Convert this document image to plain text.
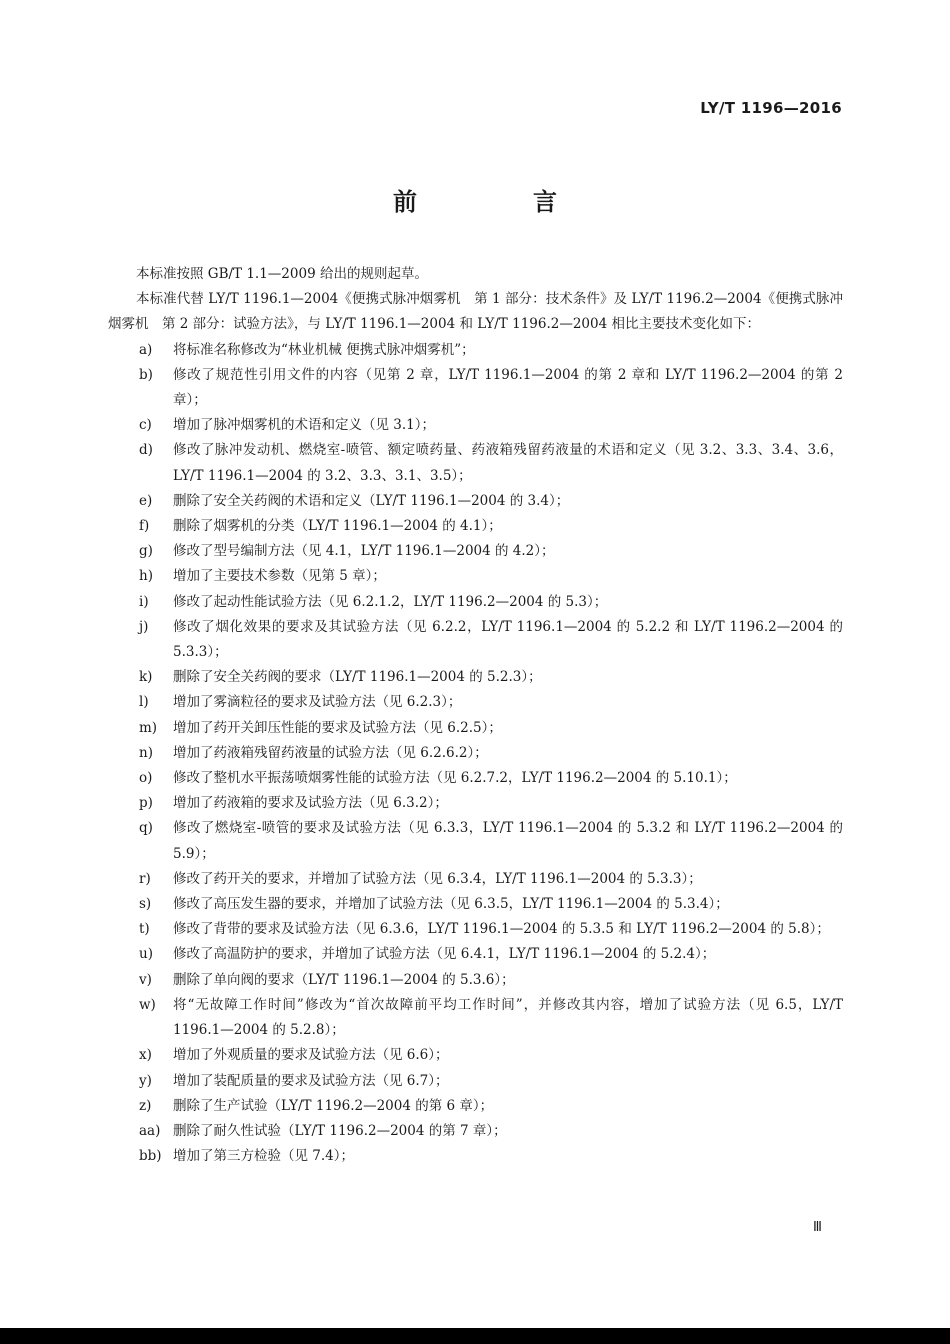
LY/T 1196—2016
前　言

本标准按照 GB/T 1.1—2009 给出的规则起草。

本标准代替 LY/T 1196.1—2004《便携式脉冲烟雾机　第 1 部分：技术条件》及 LY/T 1196.2—2004《便携式脉冲烟雾机　第 2 部分：试验方法》，与 LY/T 1196.1—2004 和 LY/T 1196.2—2004 相比主要技术变化如下：

a) 将标准名称修改为“林业机械 便携式脉冲烟雾机”；
b) 修改了规范性引用文件的内容（见第 2 章，LY/T 1196.1—2004 的第 2 章和 LY/T 1196.2—2004 的第 2 章）；
c) 增加了脉冲烟雾机的术语和定义（见 3.1）；
d) 修改了脉冲发动机、燃烧室-喷管、额定喷药量、药液箱残留药液量的术语和定义（见 3.2、3.3、3.4、3.6，LY/T 1196.1—2004 的 3.2、3.3、3.1、3.5）；
e) 删除了安全关药阀的术语和定义（LY/T 1196.1—2004 的 3.4）；
f) 删除了烟雾机的分类（LY/T 1196.1—2004 的 4.1）；
g) 修改了型号编制方法（见 4.1，LY/T 1196.1—2004 的 4.2）；
h) 增加了主要技术参数（见第 5 章）；
i) 修改了起动性能试验方法（见 6.2.1.2，LY/T 1196.2—2004 的 5.3）；
j) 修改了烟化效果的要求及其试验方法（见 6.2.2，LY/T 1196.1—2004 的 5.2.2 和 LY/T 1196.2—2004 的 5.3.3）；
k) 删除了安全关药阀的要求（LY/T 1196.1—2004 的 5.2.3）；
l) 增加了雾滴粒径的要求及试验方法（见 6.2.3）；
m) 增加了药开关卸压性能的要求及试验方法（见 6.2.5）；
n) 增加了药液箱残留药液量的试验方法（见 6.2.6.2）；
o) 修改了整机水平振荡喷烟雾性能的试验方法（见 6.2.7.2，LY/T 1196.2—2004 的 5.10.1）；
p) 增加了药液箱的要求及试验方法（见 6.3.2）；
q) 修改了燃烧室-喷管的要求及试验方法（见 6.3.3，LY/T 1196.1—2004 的 5.3.2 和 LY/T 1196.2—2004 的 5.9）；
r) 修改了药开关的要求，并增加了试验方法（见 6.3.4，LY/T 1196.1—2004 的 5.3.3）；
s) 修改了高压发生器的要求，并增加了试验方法（见 6.3.5，LY/T 1196.1—2004 的 5.3.4）；
t) 修改了背带的要求及试验方法（见 6.3.6，LY/T 1196.1—2004 的 5.3.5 和 LY/T 1196.2—2004 的 5.8）；
u) 修改了高温防护的要求，并增加了试验方法（见 6.4.1，LY/T 1196.1—2004 的 5.2.4）；
v) 删除了单向阀的要求（LY/T 1196.1—2004 的 5.3.6）；
w) 将“无故障工作时间”修改为“首次故障前平均工作时间”，并修改其内容，增加了试验方法（见 6.5，LY/T 1196.1—2004 的 5.2.8）；
x) 增加了外观质量的要求及试验方法（见 6.6）；
y) 增加了装配质量的要求及试验方法（见 6.7）；
z) 删除了生产试验（LY/T 1196.2—2004 的第 6 章）；
aa) 删除了耐久性试验（LY/T 1196.2—2004 的第 7 章）；
bb) 增加了第三方检验（见 7.4）；
Ⅲ
